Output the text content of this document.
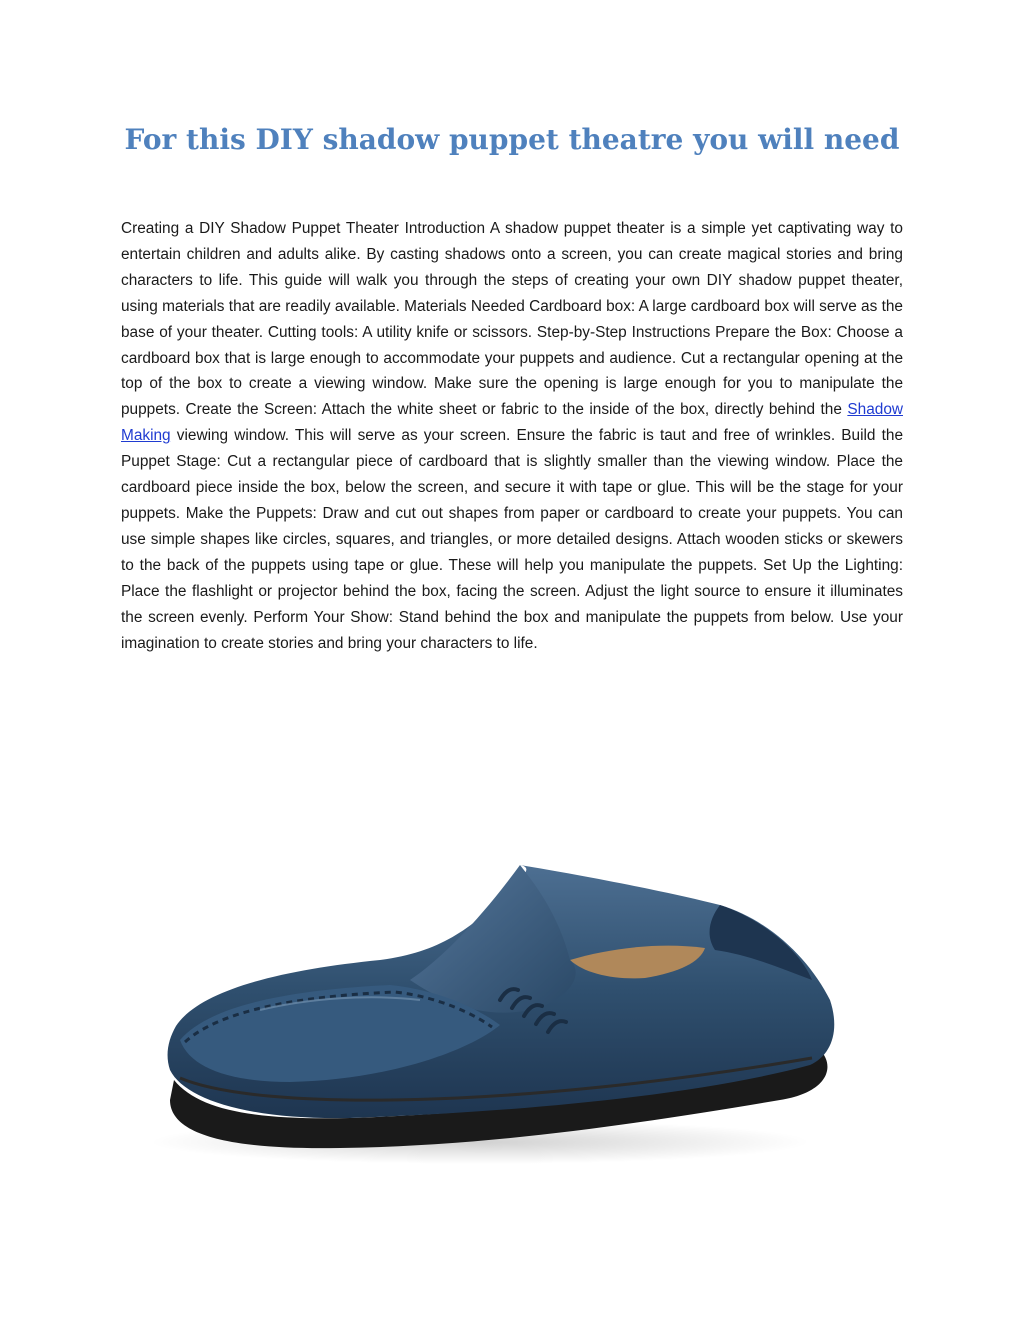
For this DIY shadow puppet theatre you will need

Creating a DIY Shadow Puppet Theater Introduction A shadow puppet theater is a simple yet captivating way to entertain children and adults alike. By casting shadows onto a screen, you can create magical stories and bring characters to life. This guide will walk you through the steps of creating your own DIY shadow puppet theater, using materials that are readily available. Materials Needed Cardboard box: A large cardboard box will serve as the base of your theater. Cutting tools: A utility knife or scissors. Step-by-Step Instructions Prepare the Box: Choose a cardboard box that is large enough to accommodate your puppets and audience. Cut a rectangular opening at the top of the box to create a viewing window. Make sure the opening is large enough for you to manipulate the puppets. Create the Screen: Attach the white sheet or fabric to the inside of the box, directly behind the Shadow Making viewing window. This will serve as your screen. Ensure the fabric is taut and free of wrinkles. Build the Puppet Stage: Cut a rectangular piece of cardboard that is slightly smaller than the viewing window. Place the cardboard piece inside the box, below the screen, and secure it with tape or glue. This will be the stage for your puppets. Make the Puppets: Draw and cut out shapes from paper or cardboard to create your puppets. You can use simple shapes like circles, squares, and triangles, or more detailed designs. Attach wooden sticks or skewers to the back of the puppets using tape or glue. These will help you manipulate the puppets. Set Up the Lighting: Place the flashlight or projector behind the box, facing the screen. Adjust the light source to ensure it illuminates the screen evenly. Perform Your Show: Stand behind the box and manipulate the puppets from below. Use your imagination to create stories and bring your characters to life.
